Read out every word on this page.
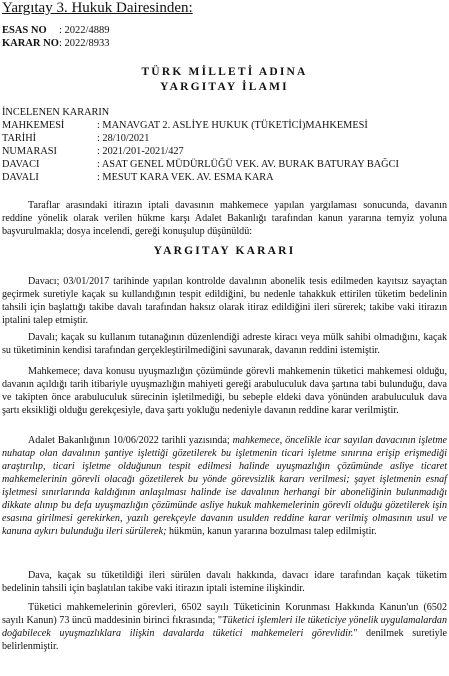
Yargıtay 3. Hukuk Dairesinden:
ESAS NO : 2022/4889
KARAR NO : 2022/8933
TÜRK MİLLETİ ADINA
YARGITAY İLAMI
İNCELENEN KARARIN
MAHKEMESİ	: MANAVGAT 2. ASLİYE HUKUK (TÜKETİCİ)MAHKEMESİ
TARİHİ	: 28/10/2021
NUMARASI	: 2021/201-2021/427
DAVACI	: ASAT GENEL MÜDÜRLÜĞÜ VEK. AV. BURAK BATURAY BAĞCI
DAVALI	: MESUT KARA VEK. AV. ESMA KARA
Taraflar arasındaki itirazın iptali davasının mahkemece yapılan yargılaması sonucunda, davanın reddine yönelik olarak verilen hükme karşı Adalet Bakanlığı tarafından kanun yararına temyiz yoluna başvurulmakla; dosya incelendi, gereği konuşulup düşünüldü:
YARGITAY KARARI
Davacı; 03/01/2017 tarihinde yapılan kontrolde davalının abonelik tesis edilmeden kayıtsız sayaçtan geçirmek suretiyle kaçak su kullandığının tespit edildiğini, bu nedenle tahakkuk ettirilen tüketim bedelinin tahsili için başlattığı takibe davalı tarafından haksız olarak itiraz edildiğini ileri sürerek; takibe vaki itirazın iptalini talep etmiştir.
Davalı; kaçak su kullanım tutanağının düzenlendiği adreste kiracı veya mülk sahibi olmadığını, kaçak su tüketiminin kendisi tarafından gerçekleştirilmediğini savunarak, davanın reddini istemiştir.
Mahkemece; dava konusu uyuşmazlığın çözümünde görevli mahkemenin tüketici mahkemesi olduğu, davanın açıldığı tarih itibariyle uyuşmazlığın mahiyeti gereği arabuluculuk dava şartına tabi bulunduğu, dava ve takipten önce arabuluculuk sürecinin işletilmediği, bu sebeple eldeki dava yönünden arabuluculuk dava şartı eksikliği olduğu gerekçesiyle, dava şartı yokluğu nedeniyle davanın reddine karar verilmiştir.
Adalet Bakanlığının 10/06/2022 tarihli yazısında; mahkemece, öncelikle icar sayılan davacının işletme nuhatap olan davalının şantiye işlettiği gözetilerek bu işletmenin ticari işletme sınırına erişip erişmediği araştırılıp, ticari işletme olduğunun tespit edilmesi halinde uyuşmazlığın çözümünde asliye ticaret mahkemelerinin görevli olacağı gözetilerek bu yönde görevsizlik kararı verilmesi; şayet işletmenin esnaf işletmesi sınırlarında kaldığının anlaşılması halinde ise davalının herhangi bir aboneliğinin bulunmadığı dikkate alınıp bu defa uyuşmazlığın çözümünde asliye hukuk mahkemelerinin görevli olduğu gözetilerek işin esasına girilmesi gerekirken, yazılı gerekçeyle davanın usulden reddine karar verilmiş olmasının usul ve kanuna aykırı bulunduğu ileri sürülerek; hükmün, kanun yararına bozulması talep edilmiştir.
Dava, kaçak su tüketildiği ileri sürülen davalı hakkında, davacı idare tarafından kaçak tüketim bedelinin tahsili için başlatılan takibe vaki itirazın iptali istemine ilişkindir.
Tüketici mahkemelerinin görevleri, 6502 sayılı Tüketicinin Korunması Hakkında Kanun'un (6502 sayılı Kanun) 73 üncü maddesinin birinci fıkrasında; "Tüketici işlemleri ile tüketiciye yönelik uygulamalardan doğabilecek uyuşmazlıklara ilişkin davalarda tüketici mahkemeleri görevlidir." denilmek suretiyle belirlenmiştir.
